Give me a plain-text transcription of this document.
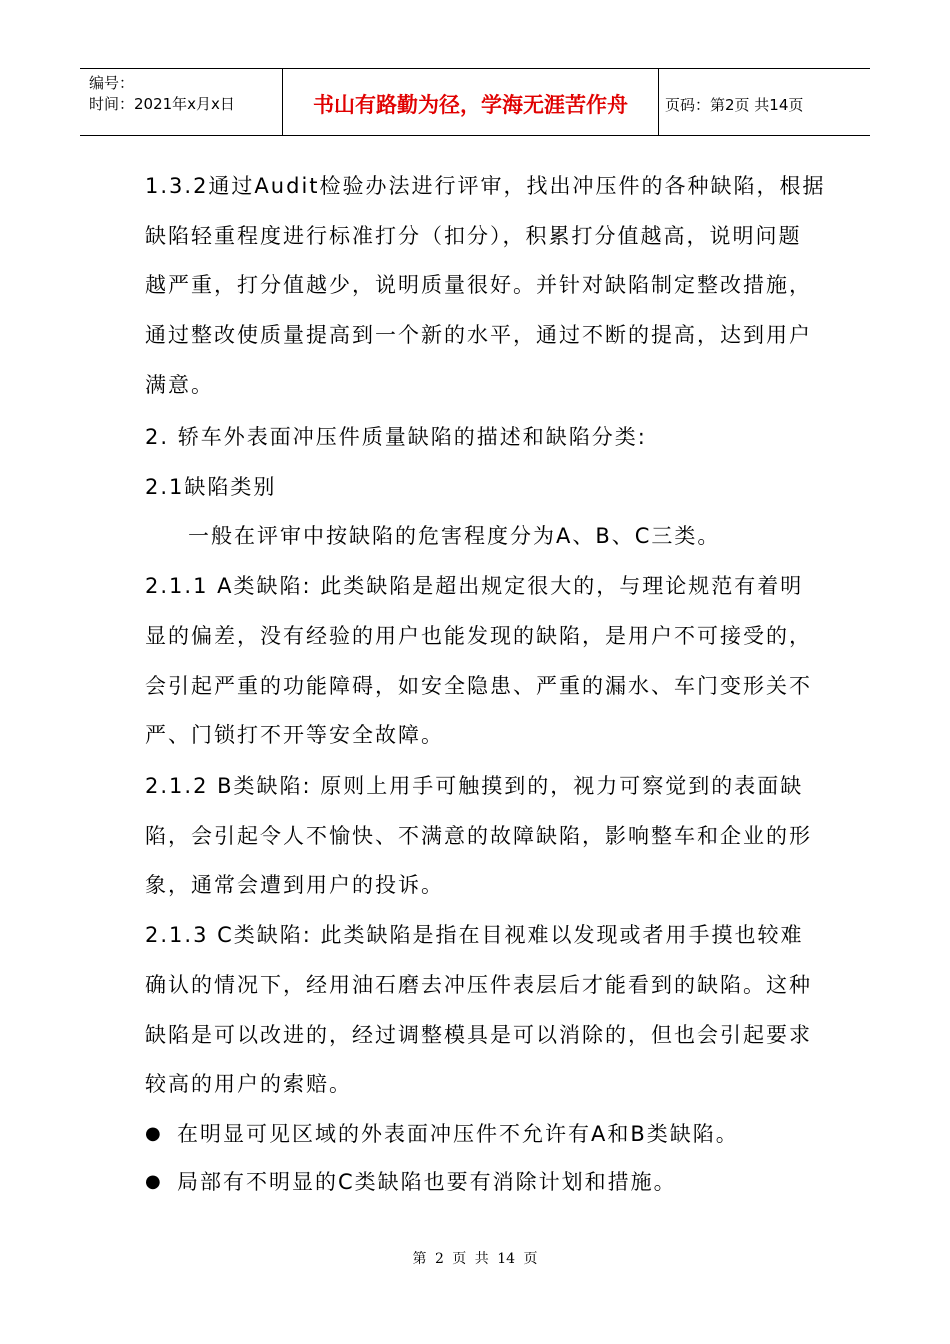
编号：
时间：2021年x月x日	书山有路勤为径，学海无涯苦作舟	页码：第2页 共14页
1.3.2通过Audit检验办法进行评审，找出冲压件的各种缺陷，根据
缺陷轻重程度进行标准打分（扣分），积累打分值越高，说明问题
越严重，打分值越少，说明质量很好。并针对缺陷制定整改措施，
通过整改使质量提高到一个新的水平，通过不断的提高，达到用户
满意。
2. 轿车外表面冲压件质量缺陷的描述和缺陷分类:
2.1缺陷类别
一般在评审中按缺陷的危害程度分为A、B、C三类。
2.1.1 A类缺陷: 此类缺陷是超出规定很大的，与理论规范有着明
显的偏差，没有经验的用户也能发现的缺陷，是用户不可接受的，
会引起严重的功能障碍，如安全隐患、严重的漏水、车门变形关不
严、门锁打不开等安全故障。
2.1.2 B类缺陷: 原则上用手可触摸到的，视力可察觉到的表面缺
陷，会引起令人不愉快、不满意的故障缺陷，影响整车和企业的形
象，通常会遭到用户的投诉。
2.1.3 C类缺陷: 此类缺陷是指在目视难以发现或者用手摸也较难
确认的情况下，经用油石磨去冲压件表层后才能看到的缺陷。这种
缺陷是可以改进的，经过调整模具是可以消除的，但也会引起要求
较高的用户的索赔。
● 在明显可见区域的外表面冲压件不允许有A和B类缺陷。
● 局部有不明显的C类缺陷也要有消除计划和措施。
第 2 页 共 14 页
